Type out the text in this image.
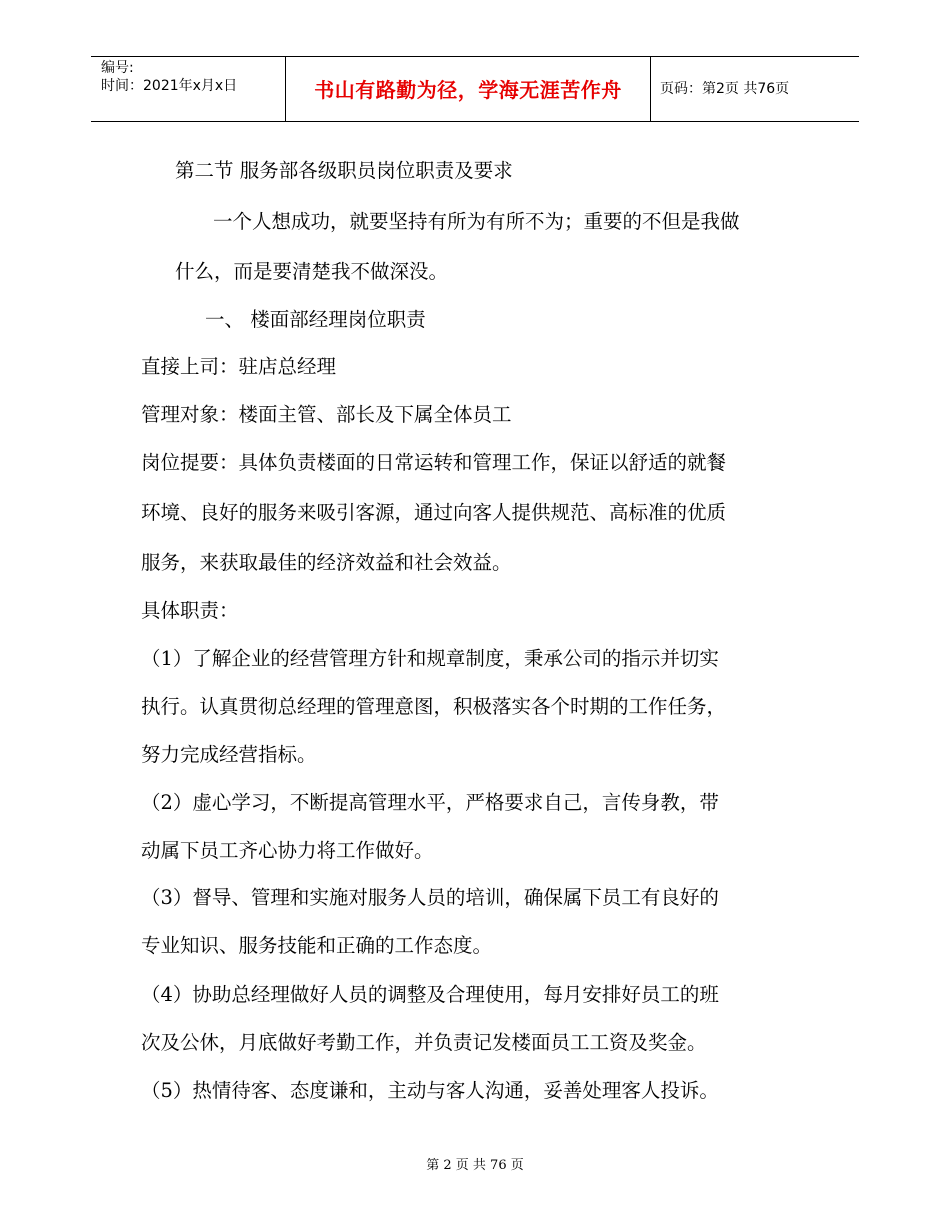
编号:
时间：2021年x月x日	书山有路勤为径，学海无涯苦作舟	页码：第2页 共76页

第二节 服务部各级职员岗位职责及要求

一个人想成功，就要坚持有所为有所不为；重要的不但是我做

什么，而是要清楚我不做深没。

一、 楼面部经理岗位职责

直接上司：驻店总经理

管理对象：楼面主管、部长及下属全体员工

岗位提要：具体负责楼面的日常运转和管理工作，保证以舒适的就餐

环境、良好的服务来吸引客源，通过向客人提供规范、高标准的优质

服务，来获取最佳的经济效益和社会效益。

具体职责：

（1）了解企业的经营管理方针和规章制度，秉承公司的指示并切实

执行。认真贯彻总经理的管理意图，积极落实各个时期的工作任务，

努力完成经营指标。

（2）虚心学习，不断提高管理水平，严格要求自己，言传身教，带

动属下员工齐心协力将工作做好。

（3）督导、管理和实施对服务人员的培训，确保属下员工有良好的

专业知识、服务技能和正确的工作态度。

（4）协助总经理做好人员的调整及合理使用，每月安排好员工的班

次及公休，月底做好考勤工作，并负责记发楼面员工工资及奖金。

（5）热情待客、态度谦和，主动与客人沟通，妥善处理客人投诉。

第 2 页 共 76 页
